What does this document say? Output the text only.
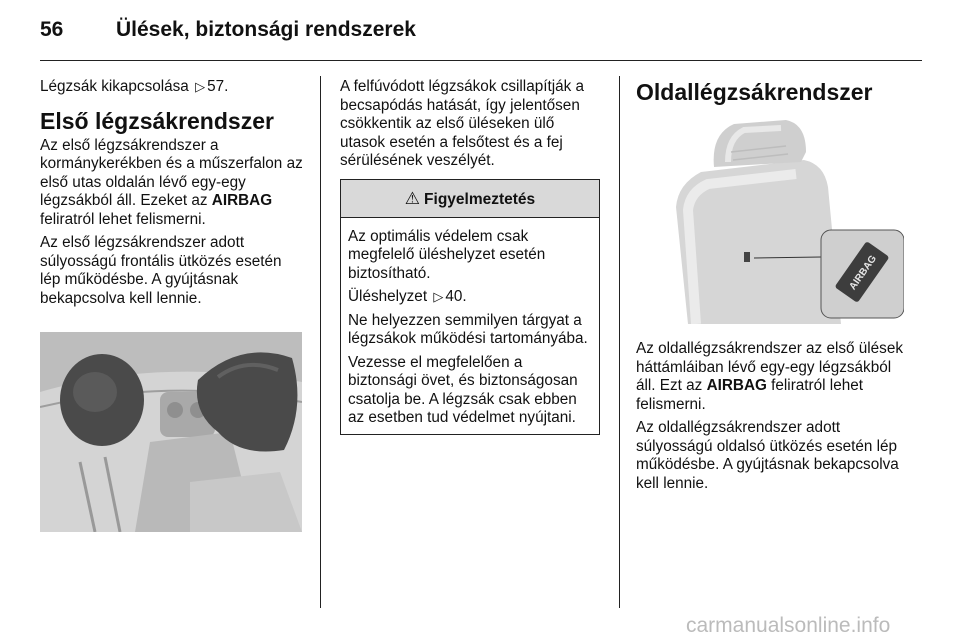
56	Ülések, biztonsági rendszerek

Légzsák kikapcsolása ▷ 57.

Első légzsákrendszer

Az első légzsákrendszer a kormánykerékben és a műszerfalon az első utas oldalán lévő egy-egy légzsákból áll. Ezeket az AIRBAG feliratról lehet felismerni.

Az első légzsákrendszer adott súlyosságú frontális ütközés esetén lép működésbe. A gyújtásnak bekapcsolva kell lennie.

A felfúvódott légzsákok csillapítják a becsapódás hatását, így jelentősen csökkentik az első üléseken ülő utasok esetén a felsőtest és a fej sérülésének veszélyét.

⚠ Figyelmeztetés

Az optimális védelem csak megfelelő üléshelyzet esetén biztosítható.

Üléshelyzet ▷ 40.

Ne helyezzen semmilyen tárgyat a légzsákok működési tartományába.

Vezesse el megfelelően a biztonsági övet, és biztonságosan csatolja be. A légzsák csak ebben az esetben tud védelmet nyújtani.

Oldallégzsákrendszer
AIRBAG

Az oldallégzsákrendszer az első ülések háttámláiban lévő egy-egy légzsákból áll. Ezt az AIRBAG feliratról lehet felismerni.

Az oldallégzsákrendszer adott súlyosságú oldalsó ütközés esetén lép működésbe. A gyújtásnak bekapcsolva kell lennie.

carmanualsonline.info
